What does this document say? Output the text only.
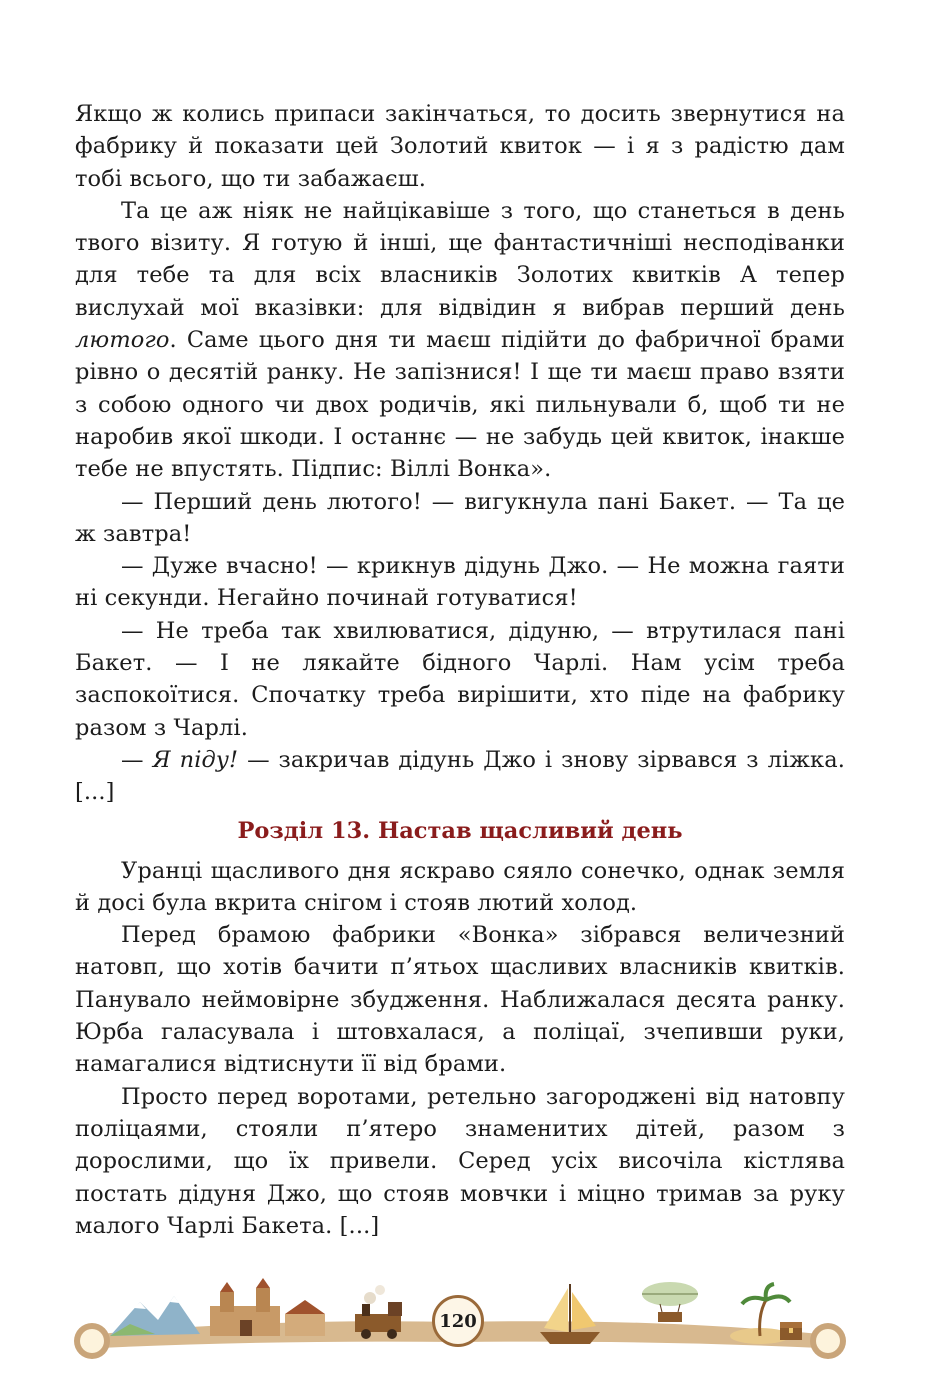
Якщо ж колись припаси закінчаться, то досить звернутися на фабрику й показати цей Золотий квиток — і я з радістю дам тобі всього, що ти забажаєш.

Та це аж ніяк не найцікавіше з того, що станеться в день твого візиту. Я готую й інші, ще фантастичніші несподіванки для тебе та для всіх власників Золотих квитків А тепер вислухай мої вказівки: для відвідин я вибрав перший день лютого. Саме цього дня ти маєш підійти до фабричної брами рівно о десятій ранку. Не запізнися! І ще ти маєш право взяти з собою одного чи двох родичів, які пильнували б, щоб ти не наробив якої шкоди. І останнє — не забудь цей квиток, інакше тебе не впустять. Підпис: Віллі Вонка».

— Перший день лютого! — вигукнула пані Бакет. — Та це ж завтра!

— Дуже вчасно! — крикнув дідунь Джо. — Не можна гаяти ні секунди. Негайно починай готуватися!

— Не треба так хвилюватися, дідуню, — втрутилася пані Бакет. — І не лякайте бідного Чарлі. Нам усім треба заспокоїтися. Спочатку треба вирішити, хто піде на фабрику разом з Чарлі.

— Я піду! — закричав дідунь Джо і знову зірвався з ліжка. [...]

Розділ 13. Настав щасливий день

Уранці щасливого дня яскраво сяяло сонечко, однак земля й досі була вкрита снігом і стояв лютий холод.

Перед брамою фабрики «Вонка» зібрався величезний натовп, що хотів бачити п’ятьох щасливих власників квитків. Панувало неймовірне збудження. Наближалася десята ранку. Юрба галасувала і штовхалася, а поліцаї, зчепивши руки, намагалися відтиснути її від брами.

Просто перед воротами, ретельно загороджені від натовпу поліцаями, стояли п’ятеро знаменитих дітей, разом з дорослими, що їх привели. Серед усіх височіла кістлява постать дідуня Джо, що стояв мовчки і міцно тримав за руку малого Чарлі Бакета. [...]

120
